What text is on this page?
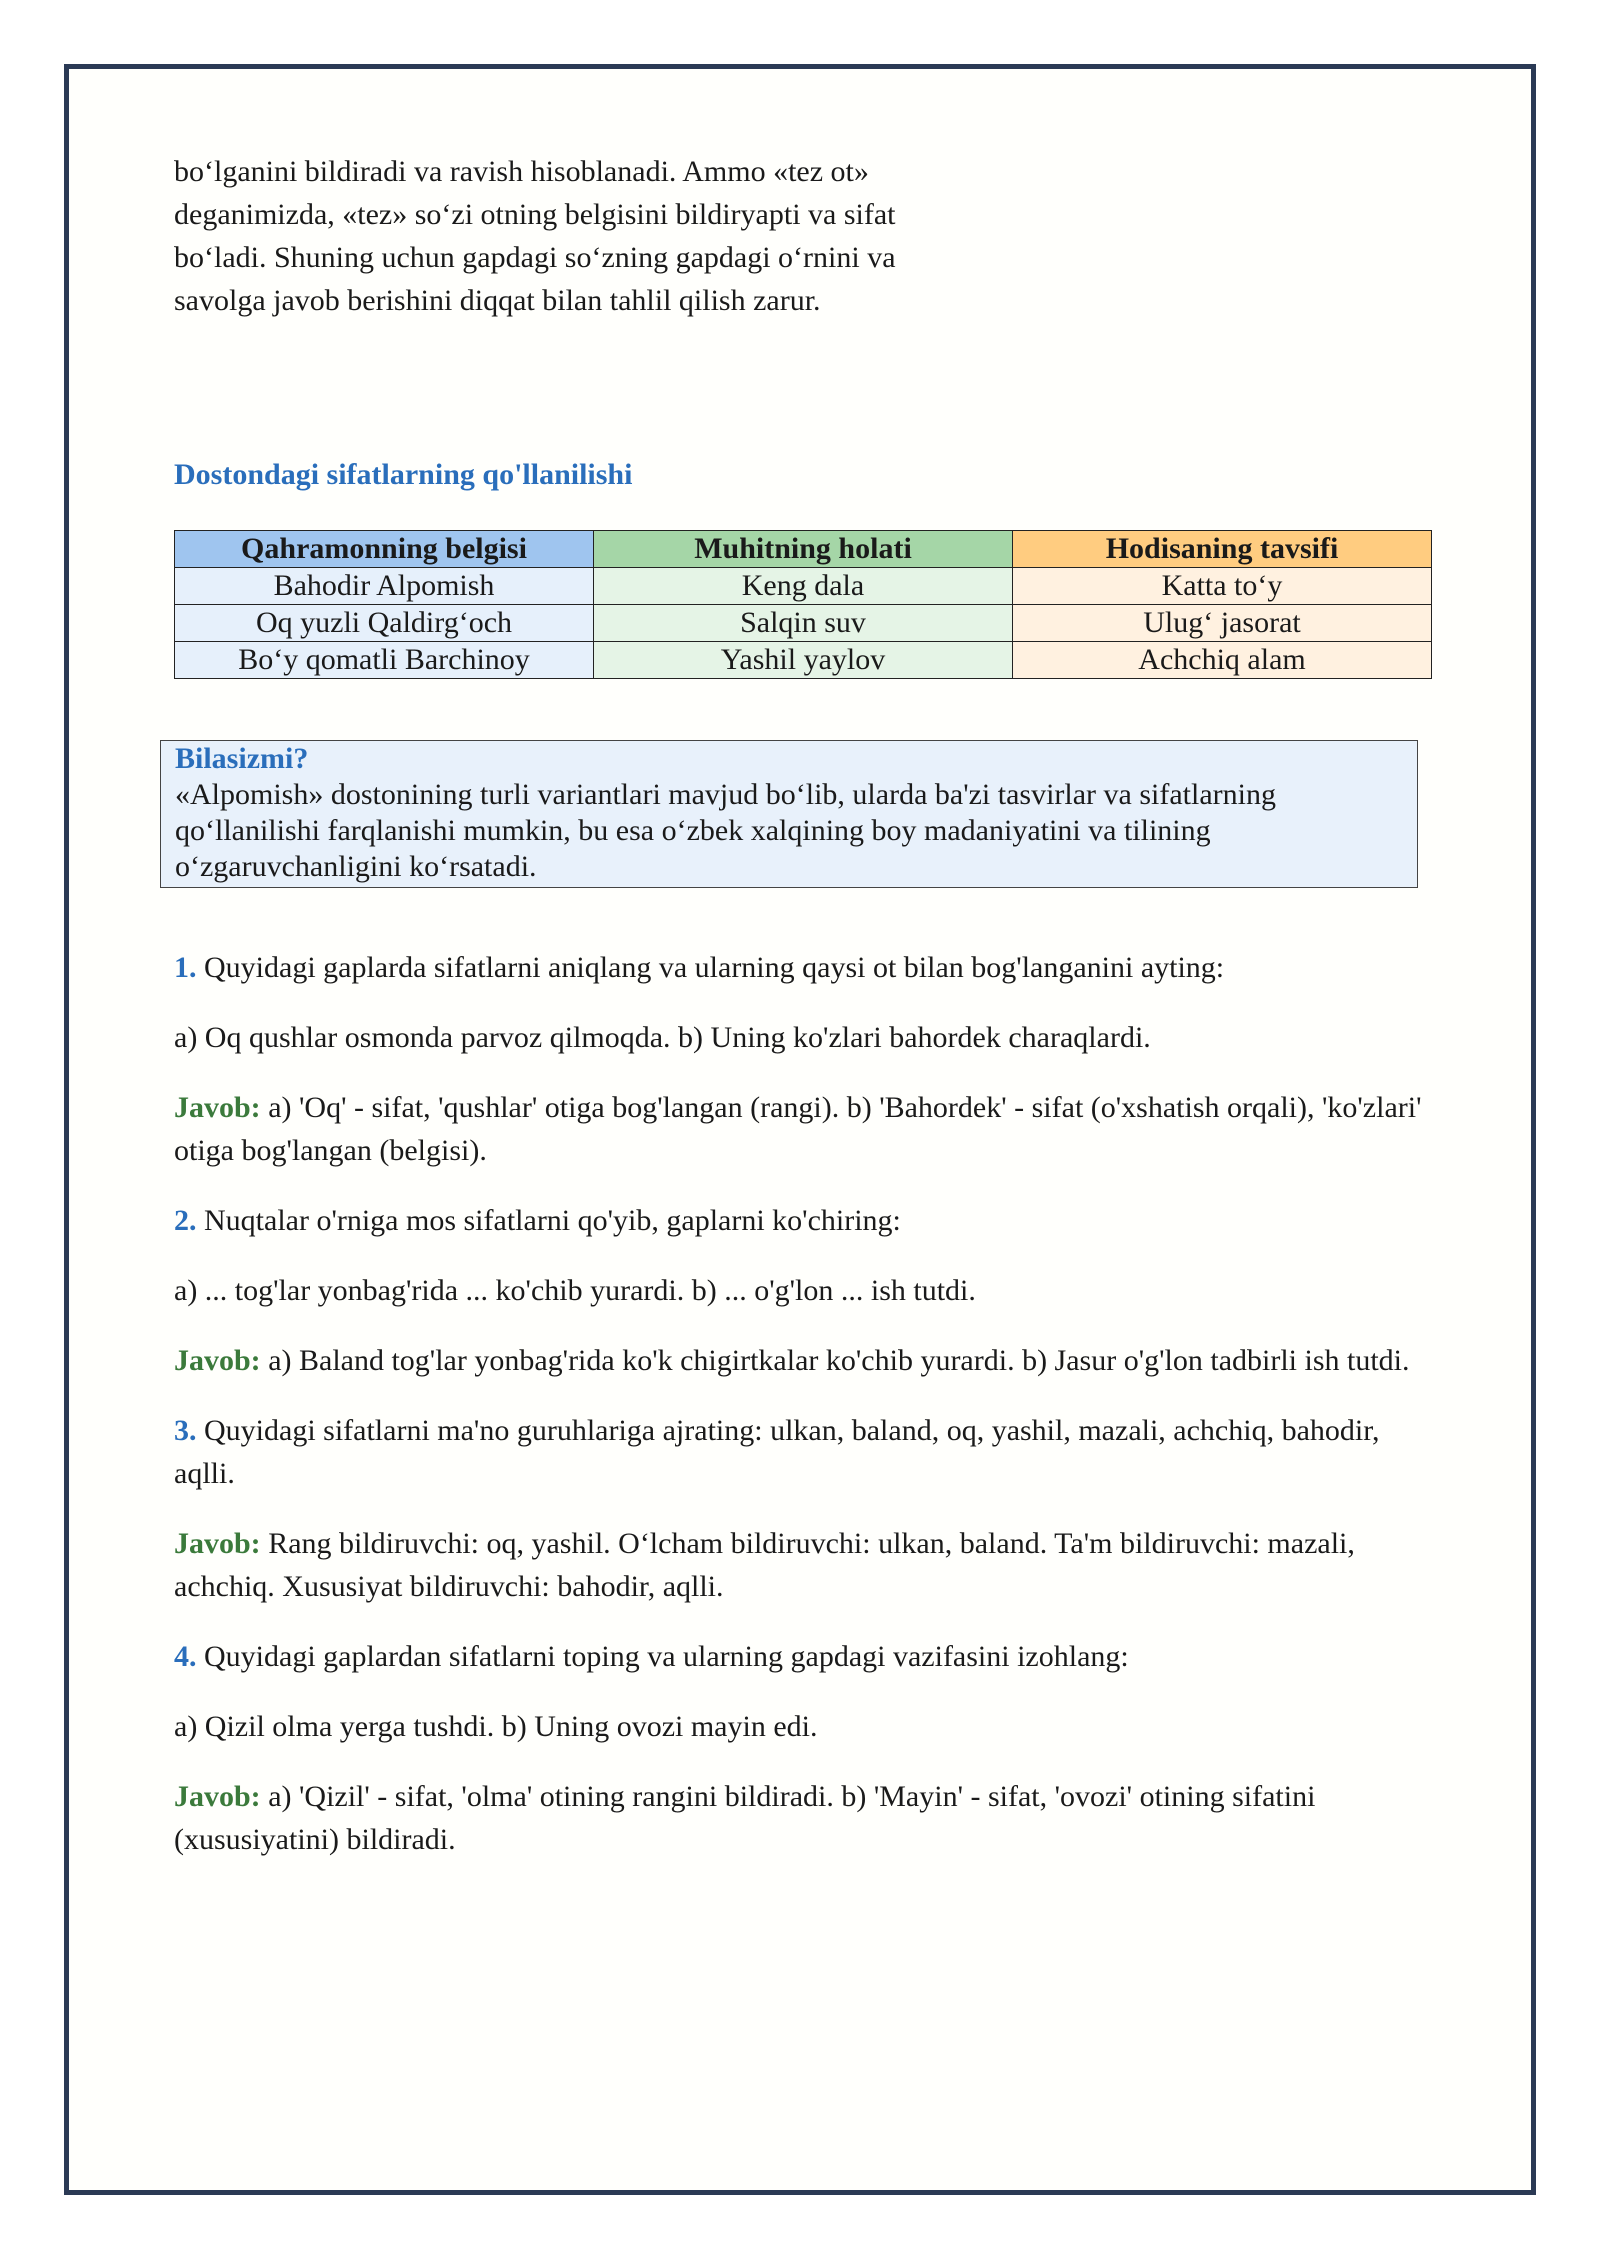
bo‘lganini bildiradi va ravish hisoblanadi. Ammo «tez ot» deganimizda, «tez» so‘zi otning belgisini bildiryapti va sifat bo‘ladi. Shuning uchun gapdagi so‘zning gapdagi o‘rnini va savolga javob berishini diqqat bilan tahlil qilish zarur.

Dostondagi sifatlarning qo'llanilishi
Qahramonning belgisi	Muhitning holati	Hodisaning tavsifi
Bahodir Alpomish	Keng dala	Katta to‘y
Oq yuzli Qaldirg‘och	Salqin suv	Ulug‘ jasorat
Bo‘y qomatli Barchinoy	Yashil yaylov	Achchiq alam
Bilasizmi?
«Alpomish» dostonining turli variantlari mavjud bo‘lib, ularda ba'zi tasvirlar va sifatlarning qo‘llanilishi farqlanishi mumkin, bu esa o‘zbek xalqining boy madaniyatini va tilining o‘zgaruvchanligini ko‘rsatadi.

1. Quyidagi gaplarda sifatlarni aniqlang va ularning qaysi ot bilan bog'langanini ayting:

a) Oq qushlar osmonda parvoz qilmoqda. b) Uning ko'zlari bahordek charaqlardi.

Javob: a) 'Oq' - sifat, 'qushlar' otiga bog'langan (rangi). b) 'Bahordek' - sifat (o'xshatish orqali), 'ko'zlari' otiga bog'langan (belgisi).

2. Nuqtalar o'rniga mos sifatlarni qo'yib, gaplarni ko'chiring:

a) ... tog'lar yonbag'rida ... ko'chib yurardi. b) ... o'g'lon ... ish tutdi.

Javob: a) Baland tog'lar yonbag'rida ko'k chigirtkalar ko'chib yurardi. b) Jasur o'g'lon tadbirli ish tutdi.

3. Quyidagi sifatlarni ma'no guruhlariga ajrating: ulkan, baland, oq, yashil, mazali, achchiq, bahodir, aqlli.

Javob: Rang bildiruvchi: oq, yashil. O‘lcham bildiruvchi: ulkan, baland. Ta'm bildiruvchi: mazali, achchiq. Xususiyat bildiruvchi: bahodir, aqlli.

4. Quyidagi gaplardan sifatlarni toping va ularning gapdagi vazifasini izohlang:

a) Qizil olma yerga tushdi. b) Uning ovozi mayin edi.

Javob: a) 'Qizil' - sifat, 'olma' otining rangini bildiradi. b) 'Mayin' - sifat, 'ovozi' otining sifatini (xususiyatini) bildiradi.
